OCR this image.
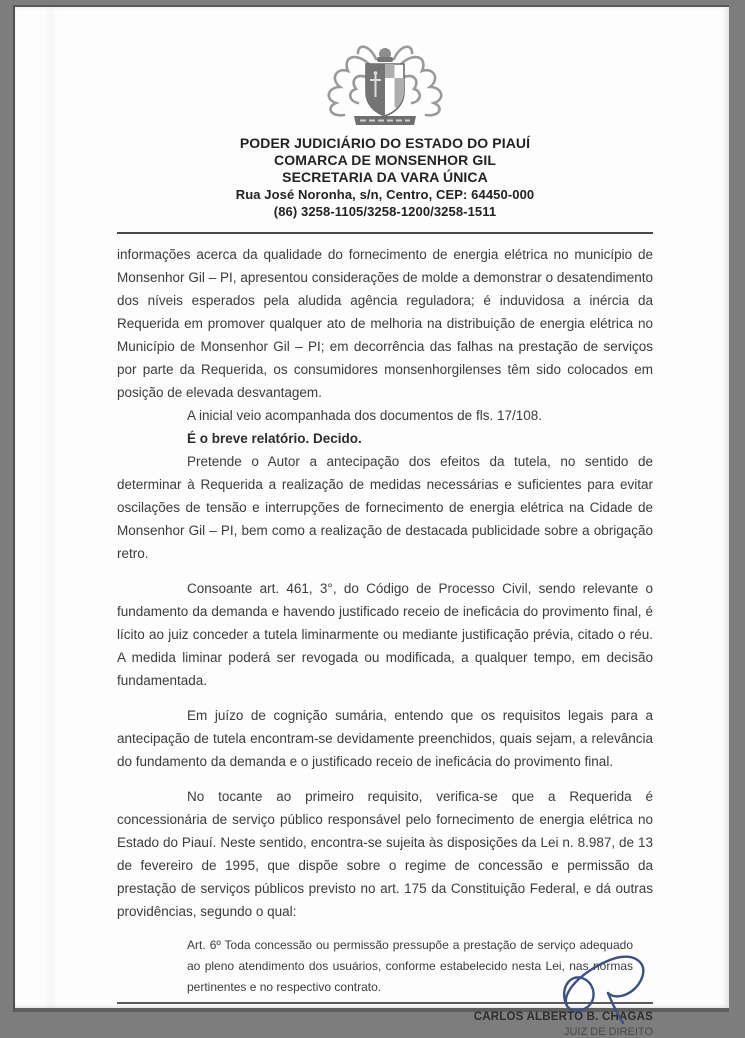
PODER JUDICIÁRIO DO ESTADO DO PIAUÍ
COMARCA DE MONSENHOR GIL
SECRETARIA DA VARA ÚNICA
Rua José Noronha, s/n, Centro, CEP: 64450-000
(86) 3258-1105/3258-1200/3258-1511

informações acerca da qualidade do fornecimento de energia elétrica no município de Monsenhor Gil – PI, apresentou considerações de molde a demonstrar o desatendimento dos níveis esperados pela aludida agência reguladora; é induvidosa a inércia da Requerida em promover qualquer ato de melhoria na distribuição de energia elétrica no Município de Monsenhor Gil – PI; em decorrência das falhas na prestação de serviços por parte da Requerida, os consumidores monsenhorgilenses têm sido colocados em posição de elevada desvantagem.

A inicial veio acompanhada dos documentos de fls. 17/108.

É o breve relatório. Decido.

Pretende o Autor a antecipação dos efeitos da tutela, no sentido de determinar à Requerida a realização de medidas necessárias e suficientes para evitar oscilações de tensão e interrupções de fornecimento de energia elétrica na Cidade de Monsenhor Gil – PI, bem como a realização de destacada publicidade sobre a obrigação retro.

Consoante art. 461, 3°, do Código de Processo Civil, sendo relevante o fundamento da demanda e havendo justificado receio de ineficácia do provimento final, é lícito ao juiz conceder a tutela liminarmente ou mediante justificação prévia, citado o réu. A medida liminar poderá ser revogada ou modificada, a qualquer tempo, em decisão fundamentada.

Em juízo de cognição sumária, entendo que os requisitos legais para a antecipação de tutela encontram-se devidamente preenchidos, quais sejam, a relevância do fundamento da demanda e o justificado receio de ineficácia do provimento final.

No tocante ao primeiro requisito, verifica-se que a Requerida é concessionária de serviço público responsável pelo fornecimento de energia elétrica no Estado do Piauí. Neste sentido, encontra-se sujeita às disposições da Lei n. 8.987, de 13 de fevereiro de 1995, que dispõe sobre o regime de concessão e permissão da prestação de serviços públicos previsto no art. 175 da Constituição Federal, e dá outras providências, segundo o qual:

Art. 6º Toda concessão ou permissão pressupõe a prestação de serviço adequado ao pleno atendimento dos usuários, conforme estabelecido nesta Lei, nas normas pertinentes e no respectivo contrato.
CARLOS ALBERTO B. CHAGAS
JUIZ DE DIREITO
